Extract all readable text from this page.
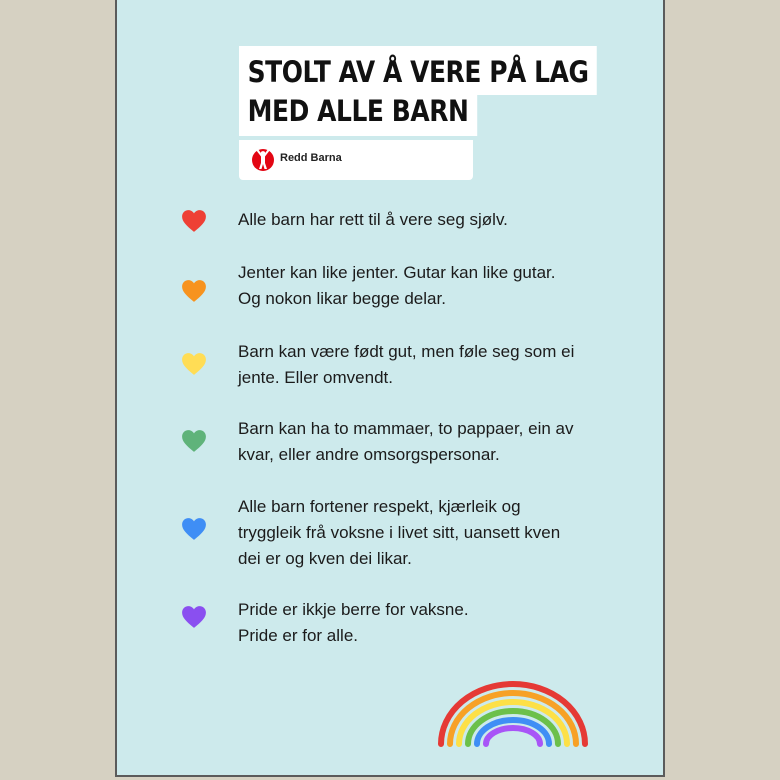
STOLT AV Å VERE PÅ LAG
MED ALLE BARN
Redd Barna
Alle barn har rett til å vere seg sjølv.
Jenter kan like jenter. Gutar kan like gutar.
Og nokon likar begge delar.
Barn kan være født gut, men føle seg som ei
jente. Eller omvendt.
Barn kan ha to mammaer, to pappaer, ein av
kvar, eller andre omsorgspersonar.
Alle barn fortener respekt, kjærleik og
tryggleik frå voksne i livet sitt, uansett kven
dei er og kven dei likar.
Pride er ikkje berre for vaksne.
Pride er for alle.
